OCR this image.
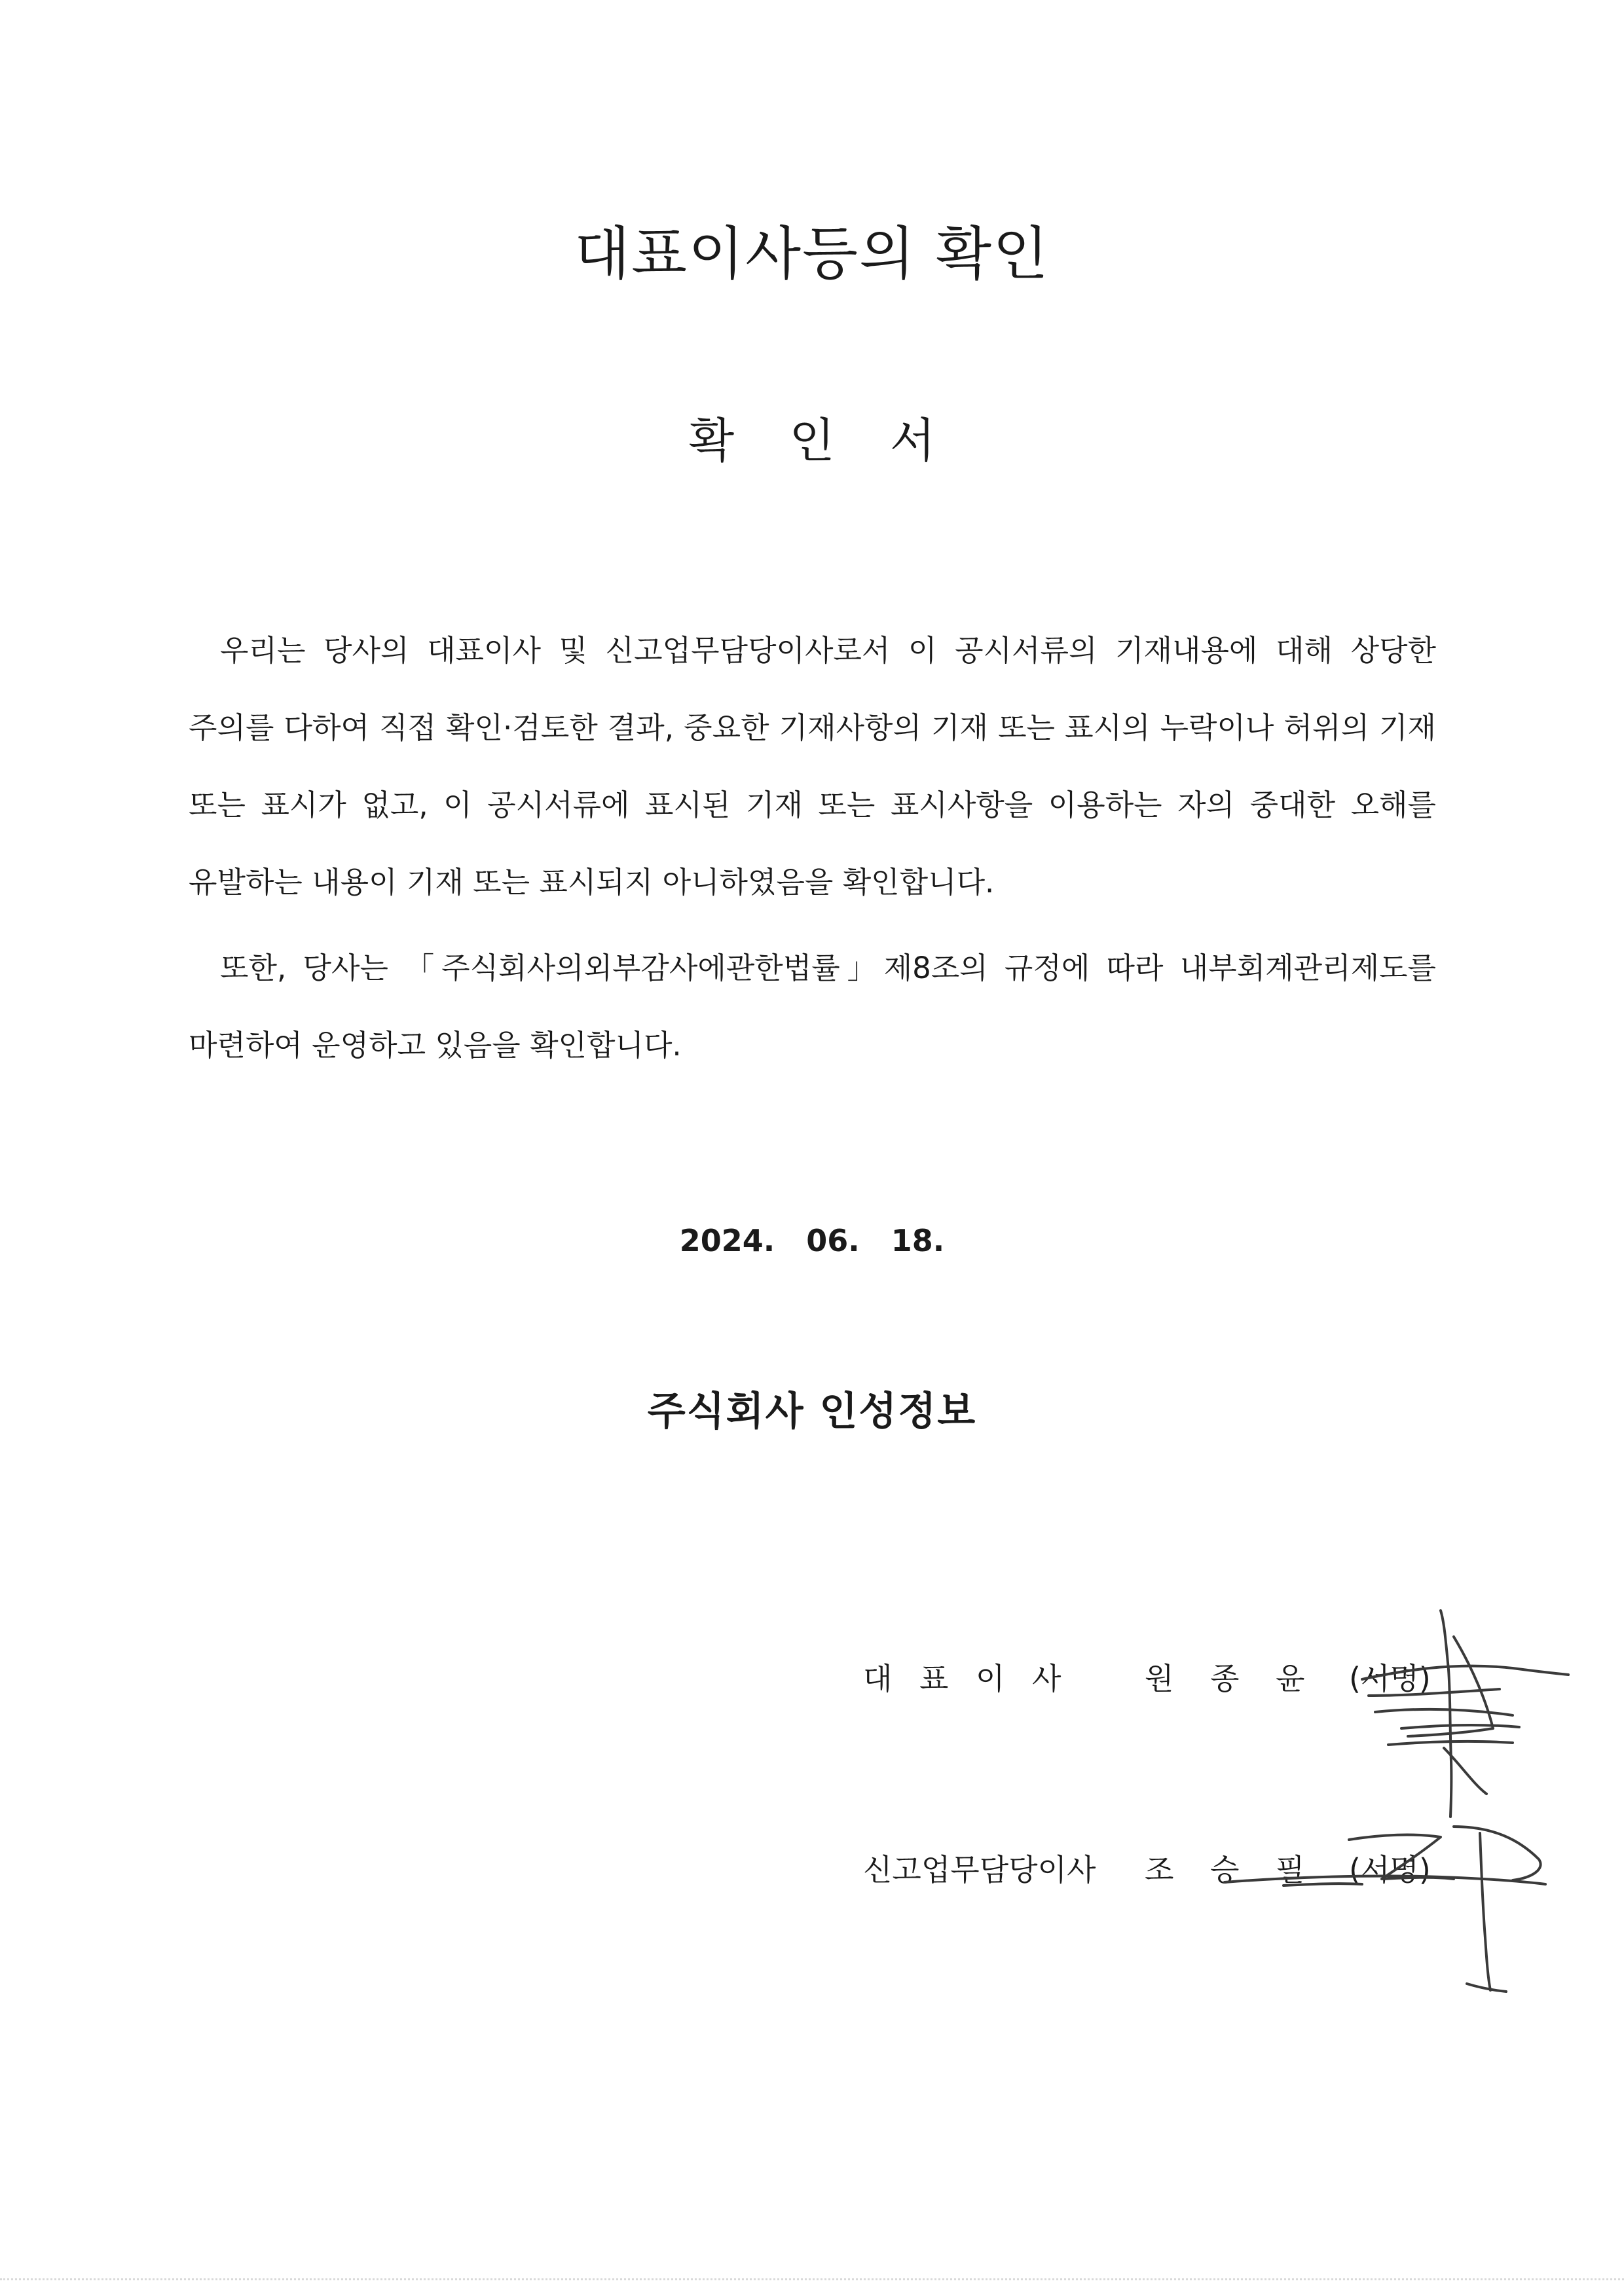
대표이사등의 확인
확 인 서
우리는 당사의 대표이사 및 신고업무담당이사로서 이 공시서류의 기재내용에 대해 상당한 주의를 다하여 직접 확인·검토한 결과, 중요한 기재사항의 기재 또는 표시의 누락이나 허위의 기재 또는 표시가 없고, 이 공시서류에 표시된 기재 또는 표시사항을 이용하는 자의 중대한 오해를 유발하는 내용이 기재 또는 표시되지 아니하였음을 확인합니다.
또한, 당사는 「주식회사의외부감사에관한법률」제8조의 규정에 따라 내부회계관리제도를 마련하여 운영하고 있음을 확인합니다.
2024. 06. 18.
주식회사 인성정보
대 표 이 사	원 종 윤	(서명)
신고업무담당이사	조 승 필	(서명)
